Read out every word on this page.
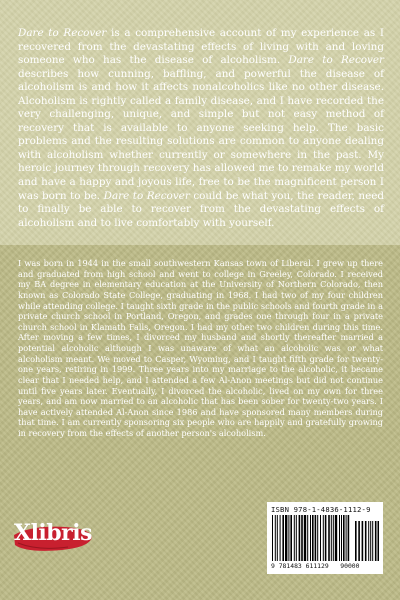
Dare to Recover is a comprehensive account of my experience as I recovered from the devastating effects of living with and loving someone who has the disease of alcoholism. Dare to Recover describes how cunning, baffling, and powerful the disease of alcoholism is and how it affects nonalcoholics like no other disease. Alcoholism is rightly called a family disease, and I have recorded the very challenging, unique, and simple but not easy method of recovery that is available to anyone seeking help. The basic problems and the resulting solutions are common to anyone dealing with alcoholism whether currently or somewhere in the past. My heroic journey through recovery has allowed me to remake my world and have a happy and joyous life, free to be the magnificent person I was born to be. Dare to Recover could be what you, the reader, need to finally be able to recover from the devastating effects of alcoholism and to live comfortably with yourself.

I was born in 1944 in the small southwestern Kansas town of Liberal. I grew up there and graduated from high school and went to college in Greeley, Colorado. I received my BA degree in elementary education at the University of Northern Colorado, then known as Colorado State College, graduating in 1968. I had two of my four children while attending college. I taught sixth grade in the public schools and fourth grade in a private church school in Portland, Oregon, and grades one through four in a private church school in Klamath Falls, Oregon. I had my other two children during this time. After moving a few times, I divorced my husband and shortly thereafter married a potential alcoholic although I was unaware of what an alcoholic was or what alcoholism meant. We moved to Casper, Wyoming, and I taught fifth grade for twenty-one years, retiring in 1999. Three years into my marriage to the alcoholic, it became clear that I needed help, and I attended a few Al-Anon meetings but did not continue until five years later. Eventually, I divorced the alcoholic, lived on my own for three years, and am now married to an alcoholic that has been sober for twenty-two years. I have actively attended Al-Anon since 1986 and have sponsored many members during that time. I am currently sponsoring six people who are happily and gratefully growing in recovery from the effects of another person's alcoholism.

Xlibris
ISBN 978-1-4836-1112-9
9 781483 611129 90000
